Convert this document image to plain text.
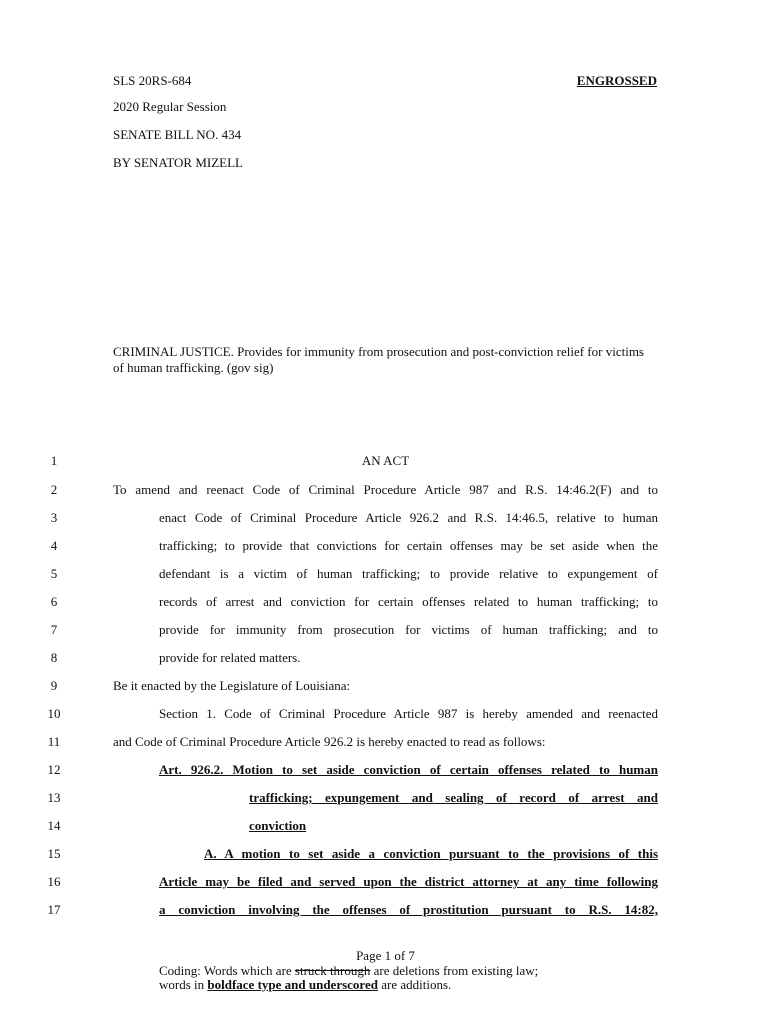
SLS 20RS-684	ENGROSSED
2020 Regular Session
SENATE BILL NO. 434
BY SENATOR MIZELL
CRIMINAL JUSTICE. Provides for immunity from prosecution and post-conviction relief for victims of human trafficking. (gov sig)
1	AN ACT
2	To amend and reenact Code of Criminal Procedure Article 987 and R.S. 14:46.2(F) and to
3	enact Code of Criminal Procedure Article 926.2 and R.S. 14:46.5, relative to human
4	trafficking; to provide that convictions for certain offenses may be set aside when the
5	defendant is a victim of human trafficking; to provide relative to expungement of
6	records of arrest and conviction for certain offenses related to human trafficking; to
7	provide for immunity from prosecution for victims of human trafficking; and to
8	provide for related matters.
9	Be it enacted by the Legislature of Louisiana:
10	Section 1. Code of Criminal Procedure Article 987 is hereby amended and reenacted
11	and Code of Criminal Procedure Article 926.2 is hereby enacted to read as follows:
12	Art. 926.2. Motion to set aside conviction of certain offenses related to human
13	trafficking; expungement and sealing of record of arrest and
14	conviction
15	A. A motion to set aside a conviction pursuant to the provisions of this
16	Article may be filed and served upon the district attorney at any time following
17	a conviction involving the offenses of prostitution pursuant to R.S. 14:82,
Page 1 of 7
Coding: Words which are struck through are deletions from existing law;
words in boldface type and underscored are additions.
